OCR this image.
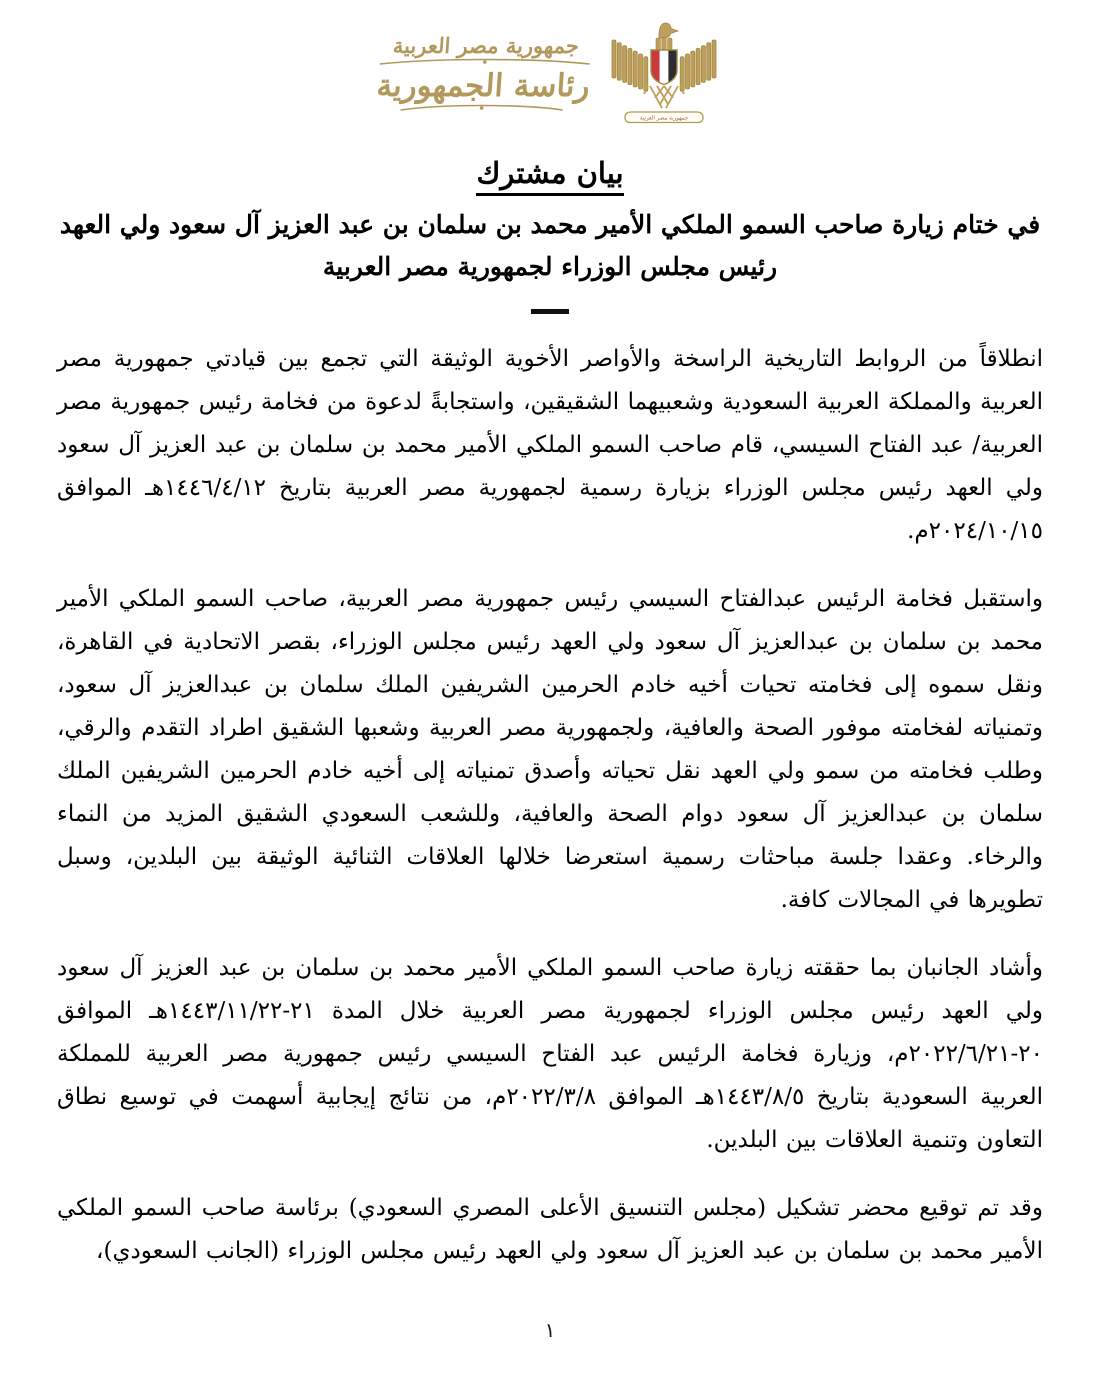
جمهورية مصر العربية
رئاسة الجمهورية
جمهورية مصر العربية
بيان مشترك
في ختام زيارة صاحب السمو الملكي الأمير محمد بن سلمان بن عبد العزيز آل سعود ولي العهد
رئيس مجلس الوزراء لجمهورية مصر العربية

انطلاقاً من الروابط التاريخية الراسخة والأواصر الأخوية الوثيقة التي تجمع بين قيادتي جمهورية مصر العربية والمملكة العربية السعودية وشعبيهما الشقيقين، واستجابةً لدعوة من فخامة رئيس جمهورية مصر العربية/ عبد الفتاح السيسي، قام صاحب السمو الملكي الأمير محمد بن سلمان بن عبد العزيز آل سعود ولي العهد رئيس مجلس الوزراء بزيارة رسمية لجمهورية مصر العربية بتاريخ ١٤٤٦/٤/١٢هـ الموافق ٢٠٢٤/١٠/١٥م.

واستقبل فخامة الرئيس عبدالفتاح السيسي رئيس جمهورية مصر العربية، صاحب السمو الملكي الأمير محمد بن سلمان بن عبدالعزيز آل سعود ولي العهد رئيس مجلس الوزراء، بقصر الاتحادية في القاهرة، ونقل سموه إلى فخامته تحيات أخيه خادم الحرمين الشريفين الملك سلمان بن عبدالعزيز آل سعود، وتمنياته لفخامته موفور الصحة والعافية، ولجمهورية مصر العربية وشعبها الشقيق اطراد التقدم والرقي، وطلب فخامته من سمو ولي العهد نقل تحياته وأصدق تمنياته إلى أخيه خادم الحرمين الشريفين الملك سلمان بن عبدالعزيز آل سعود دوام الصحة والعافية، وللشعب السعودي الشقيق المزيد من النماء والرخاء. وعقدا جلسة مباحثات رسمية استعرضا خلالها العلاقات الثنائية الوثيقة بين البلدين، وسبل تطويرها في المجالات كافة.

وأشاد الجانبان بما حققته زيارة صاحب السمو الملكي الأمير محمد بن سلمان بن عبد العزيز آل سعود ولي العهد رئيس مجلس الوزراء لجمهورية مصر العربية خلال المدة ٢١-١٤٤٣/١١/٢٢هـ الموافق ٢٠-٢٠٢٢/٦/٢١م، وزيارة فخامة الرئيس عبد الفتاح السيسي رئيس جمهورية مصر العربية للمملكة العربية السعودية بتاريخ ١٤٤٣/٨/٥هـ الموافق ٢٠٢٢/٣/٨م، من نتائج إيجابية أسهمت في توسيع نطاق التعاون وتنمية العلاقات بين البلدين.

وقد تم توقيع محضر تشكيل (مجلس التنسيق الأعلى المصري السعودي) برئاسة صاحب السمو الملكي الأمير محمد بن سلمان بن عبد العزيز آل سعود ولي العهد رئيس مجلس الوزراء (الجانب السعودي)،

١
